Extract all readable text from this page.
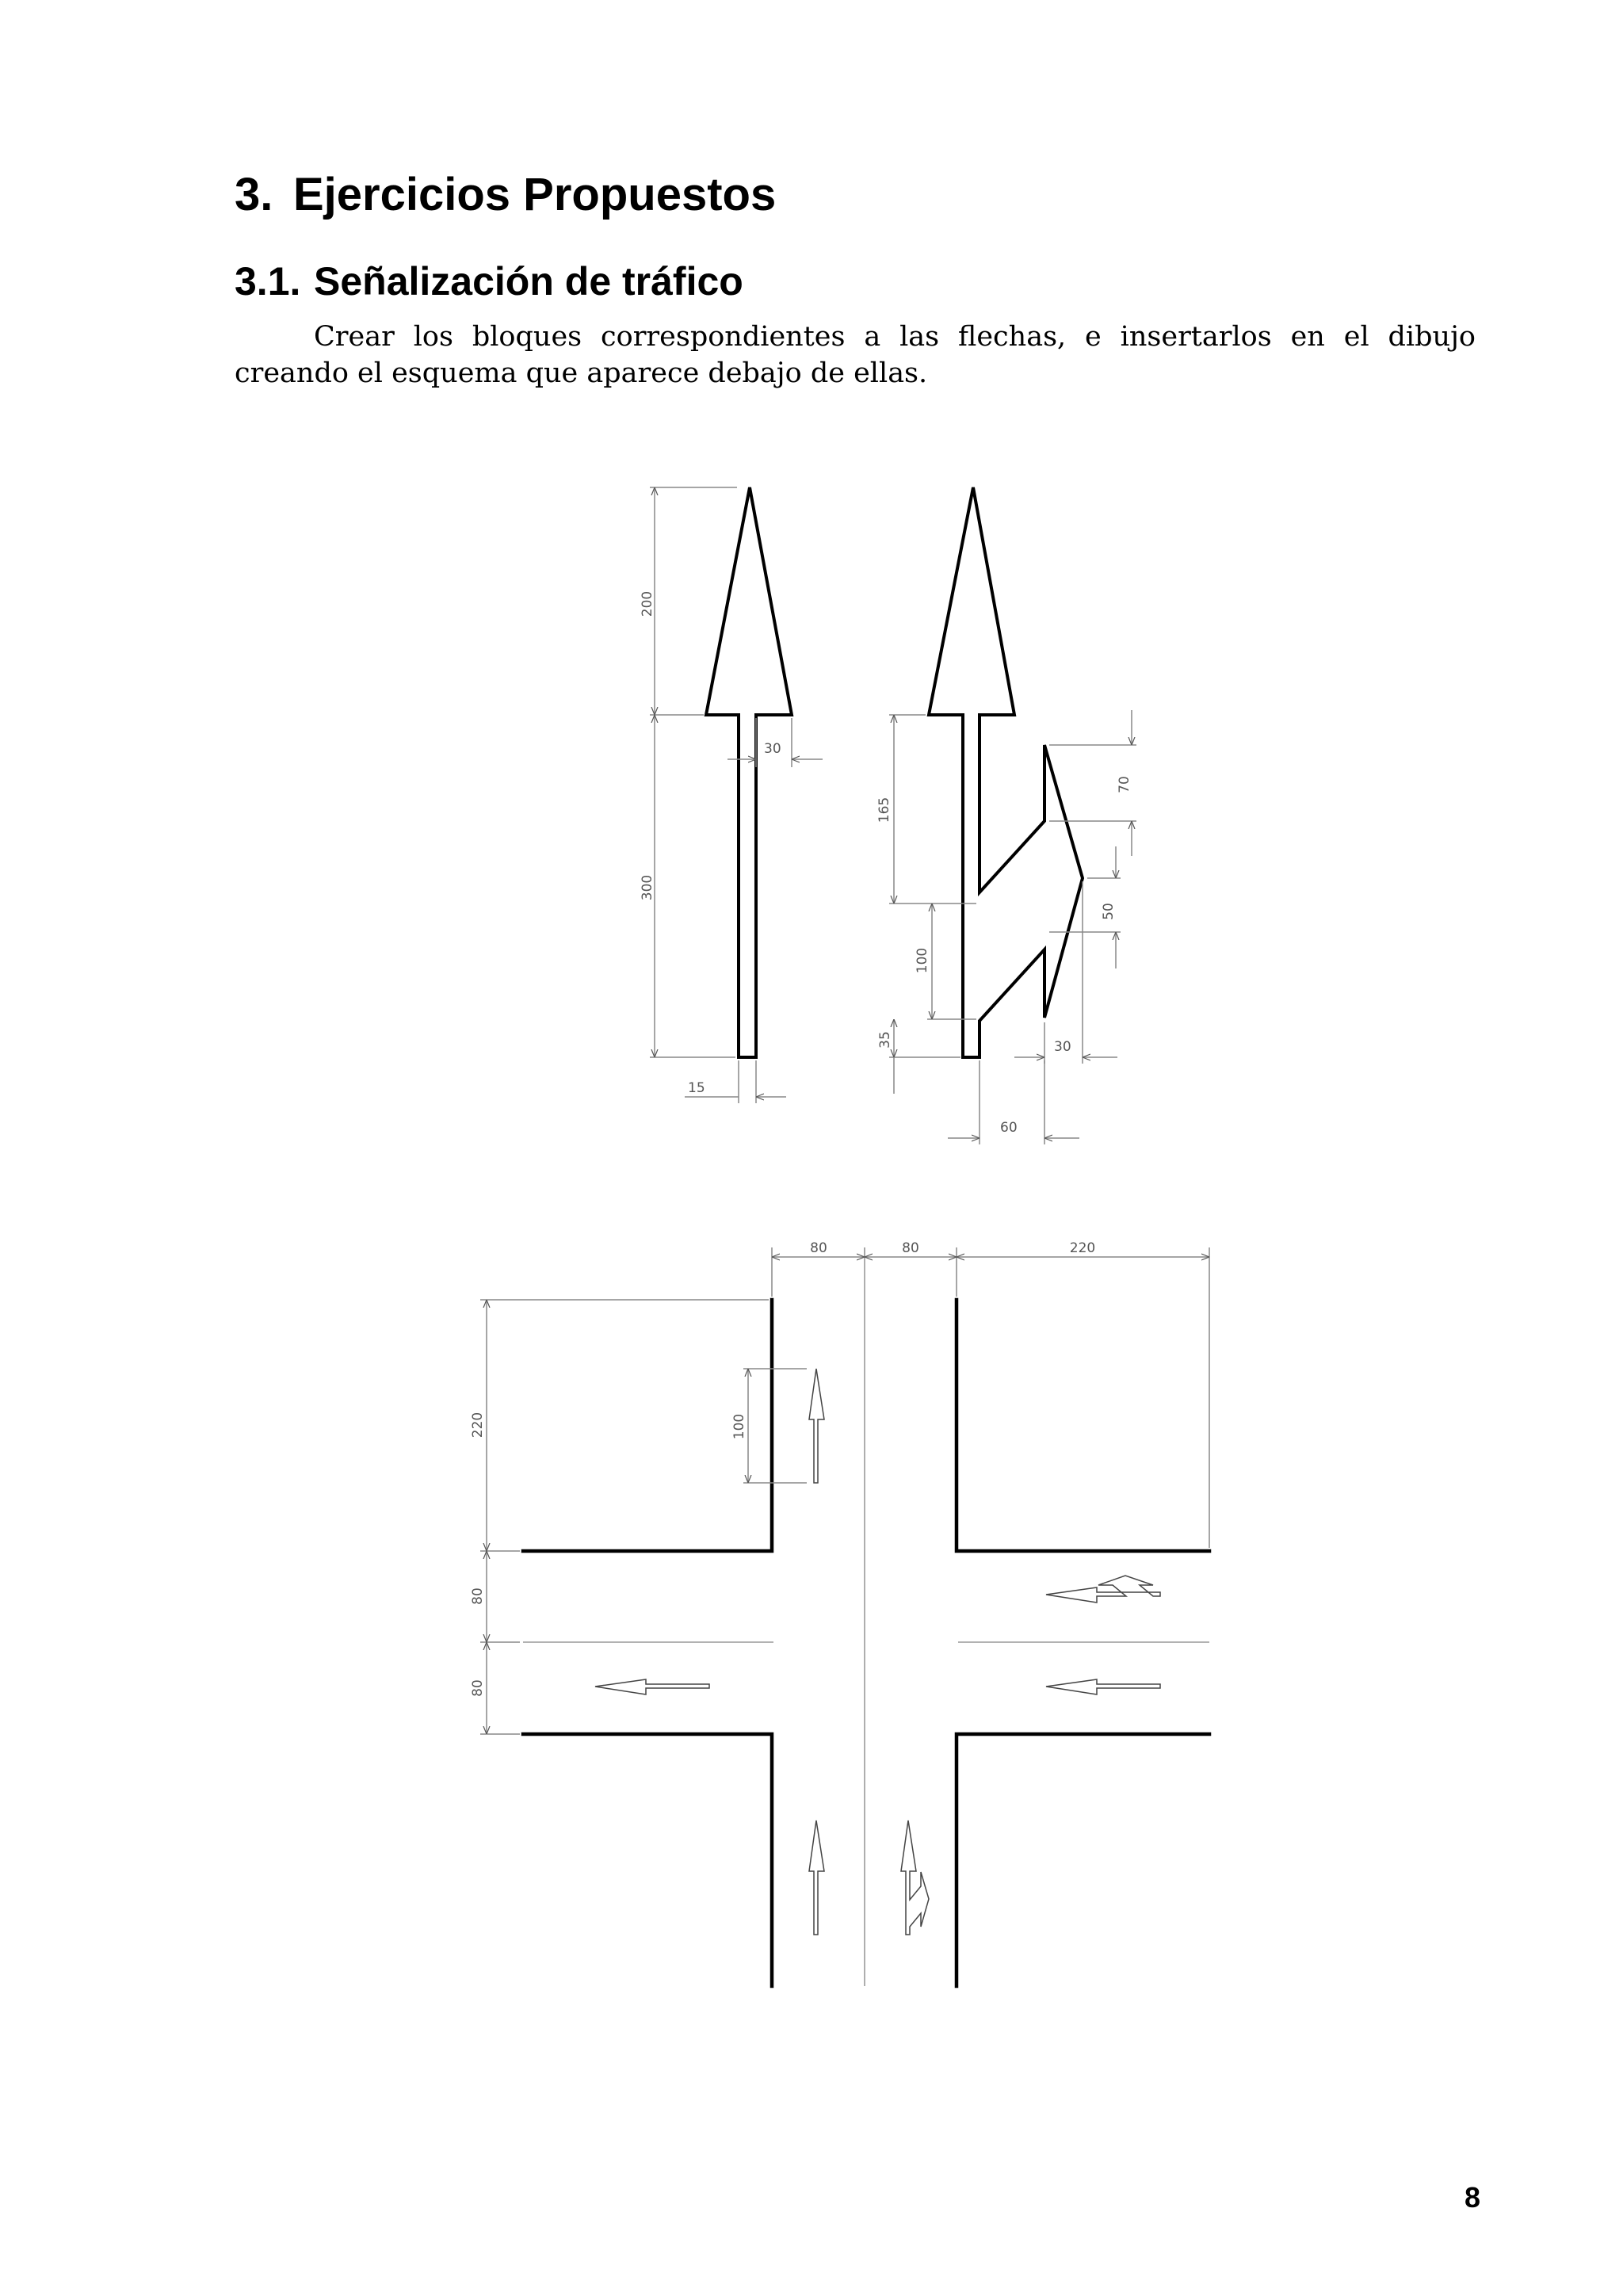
3. Ejercicios Propuestos
3.1. Señalización de tráfico

Crear los bloques correspondientes a las flechas, e insertarlos en el dibujo creando el esquema que aparece debajo de ellas.

200
300
30
15
165
100
35
70
50
30
60
80	80	220
220
80
80
100
8
